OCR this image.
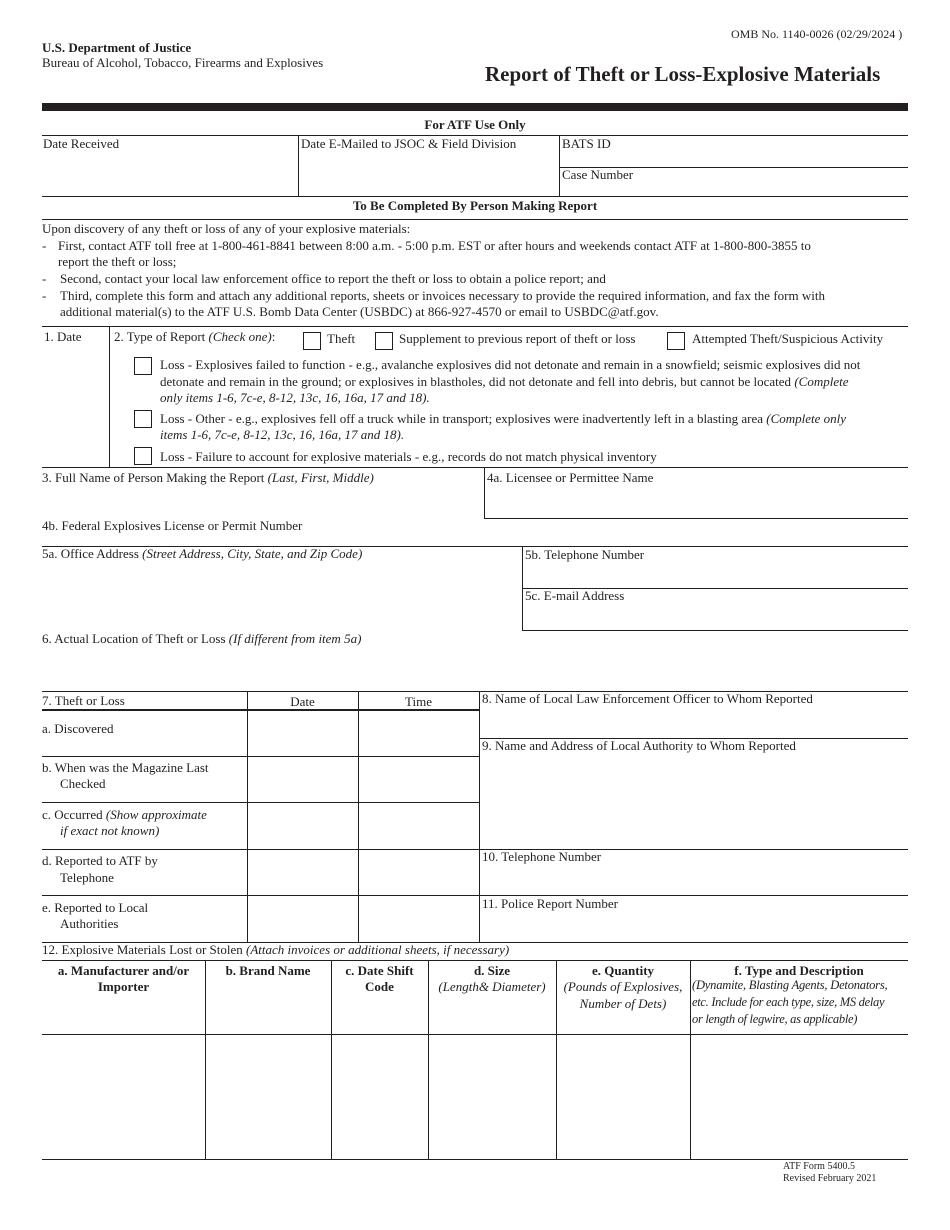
OMB No. 1140-0026 (02/29/2024 )
U.S. Department of Justice
Bureau of Alcohol, Tobacco, Firearms and Explosives	Report of Theft or Loss-Explosive Materials
For ATF Use Only
Date Received	Date E-Mailed to JSOC & Field Division	BATS ID
Case Number
To Be Completed By Person Making Report
Upon discovery of any theft or loss of any of your explosive materials:
- First, contact ATF toll free at 1-800-461-8841 between 8:00 a.m. - 5:00 p.m. EST or after hours and weekends contact ATF at 1-800-800-3855 to
report the theft or loss;
- Second, contact your local law enforcement office to report the theft or loss to obtain a police report; and
- Third, complete this form and attach any additional reports, sheets or invoices necessary to provide the required information, and fax the form with
additional material(s) to the ATF U.S. Bomb Data Center (USBDC) at 866-927-4570 or email to USBDC@atf.gov.
1. Date 2. Type of Report (Check one):	Theft	Supplement to previous report of theft or loss	Attempted Theft/Suspicious Activity
Loss - Explosives failed to function - e.g., avalanche explosives did not detonate and remain in a snowfield; seismic explosives did not
detonate and remain in the ground; or explosives in blastholes, did not detonate and fell into debris, but cannot be located (Complete
only items 1-6, 7c-e, 8-12, 13c, 16, 16a, 17 and 18).
Loss - Other - e.g., explosives fell off a truck while in transport; explosives were inadvertently left in a blasting area (Complete only
items 1-6, 7c-e, 8-12, 13c, 16, 16a, 17 and 18).
Loss - Failure to account for explosive materials - e.g., records do not match physical inventory
3. Full Name of Person Making the Report (Last, First, Middle)	4a. Licensee or Permittee Name
4b. Federal Explosives License or Permit Number
5a. Office Address (Street Address, City, State, and Zip Code)	5b. Telephone Number
5c. E-mail Address
6. Actual Location of Theft or Loss (If different from item 5a)
7. Theft or Loss	Date	Time
a. Discovered
b. When was the Magazine Last
Checked
c. Occurred (Show approximate
if exact not known)
d. Reported to ATF by
Telephone
e. Reported to Local
Authorities
8. Name of Local Law Enforcement Officer to Whom Reported
9. Name and Address of Local Authority to Whom Reported
10. Telephone Number
11. Police Report Number
12. Explosive Materials Lost or Stolen (Attach invoices or additional sheets, if necessary)
a. Manufacturer and/or
Importer
b. Brand Name	c. Date Shift
Code
d. Size
(Length& Diameter)
e. Quantity
(Pounds of Explosives,
Number of Dets)
f. Type and Description
(Dynamite, Blasting Agents, Detonators,
etc. Include for each type, size, MS delay
or length of legwire, as applicable)
ATF Form 5400.5
Revised February 2021
